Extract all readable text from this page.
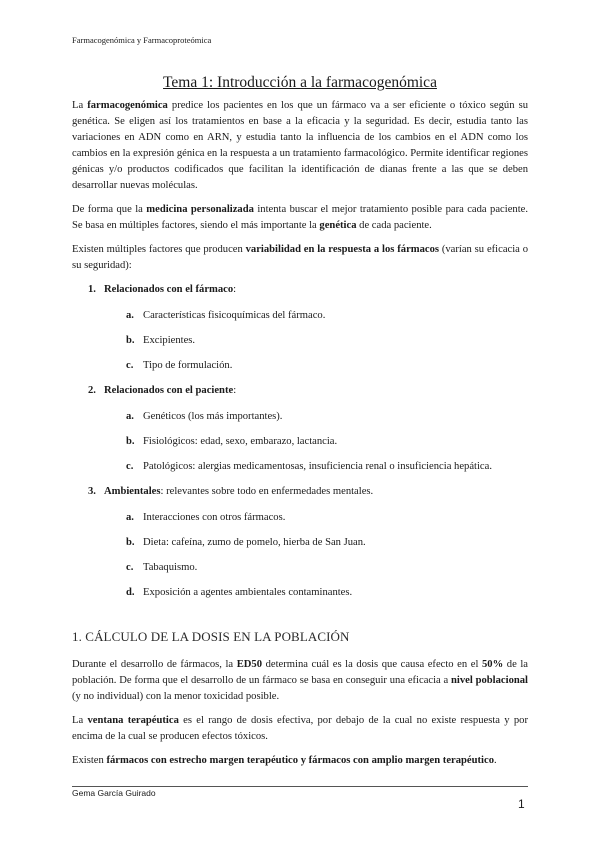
Farmacogenómica y Farmacoproteómica
Tema 1: Introducción a la farmacogenómica

La farmacogenómica predice los pacientes en los que un fármaco va a ser eficiente o tóxico según su genética. Se eligen así los tratamientos en base a la eficacia y la seguridad. Es decir, estudia tanto las variaciones en ADN como en ARN, y estudia tanto la influencia de los cambios en el ADN como los cambios en la expresión génica en la respuesta a un tratamiento farmacológico. Permite identificar regiones génicas y/o productos codificados que facilitan la identificación de dianas frente a las que se deben desarrollar nuevas moléculas.

De forma que la medicina personalizada intenta buscar el mejor tratamiento posible para cada paciente. Se basa en múltiples factores, siendo el más importante la genética de cada paciente.

Existen múltiples factores que producen variabilidad en la respuesta a los fármacos (varían su eficacia o su seguridad):

1. Relacionados con el fármaco:
a. Características fisicoquímicas del fármaco.
b. Excipientes.
c. Tipo de formulación.
2. Relacionados con el paciente:
a. Genéticos (los más importantes).
b. Fisiológicos: edad, sexo, embarazo, lactancia.
c. Patológicos: alergias medicamentosas, insuficiencia renal o insuficiencia hepática.
3. Ambientales: relevantes sobre todo en enfermedades mentales.
a. Interacciones con otros fármacos.
b. Dieta: cafeína, zumo de pomelo, hierba de San Juan.
c. Tabaquismo.
d. Exposición a agentes ambientales contaminantes.
1. CÁLCULO DE LA DOSIS EN LA POBLACIÓN

Durante el desarrollo de fármacos, la ED50 determina cuál es la dosis que causa efecto en el 50% de la población. De forma que el desarrollo de un fármaco se basa en conseguir una eficacia a nivel poblacional (y no individual) con la menor toxicidad posible.

La ventana terapéutica es el rango de dosis efectiva, por debajo de la cual no existe respuesta y por encima de la cual se producen efectos tóxicos.

Existen fármacos con estrecho margen terapéutico y fármacos con amplio margen terapéutico.

Gema García Guirado
1
